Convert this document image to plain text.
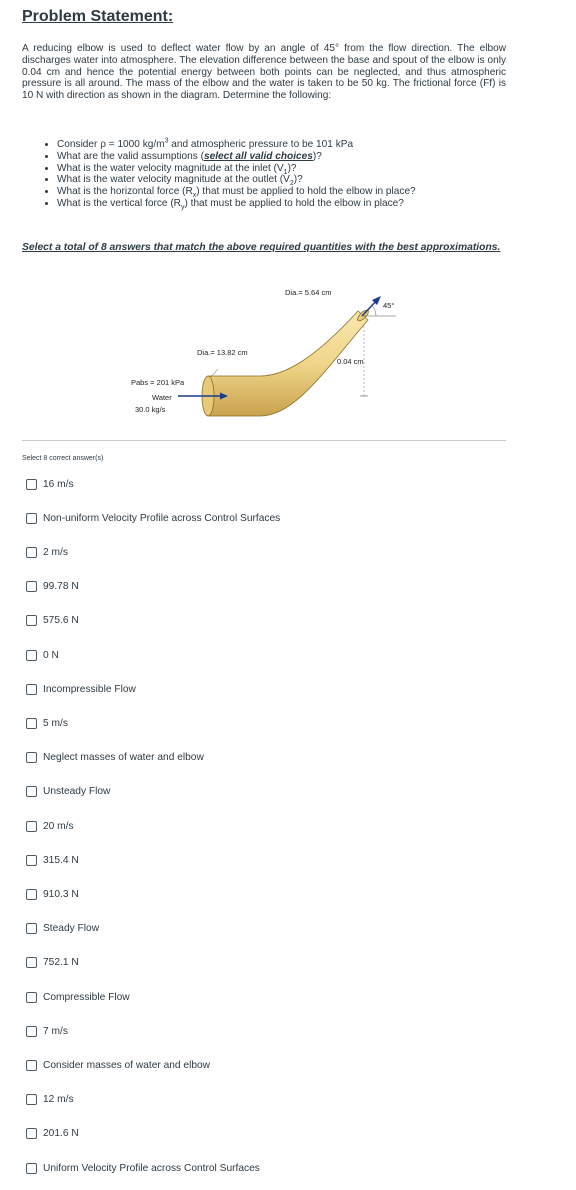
Problem Statement:

A reducing elbow is used to deflect water flow by an angle of 45° from the flow direction. The elbow discharges water into atmosphere. The elevation difference between the base and spout of the elbow is only 0.04 cm and hence the potential energy between both points can be neglected, and thus atmospheric pressure is all around. The mass of the elbow and the water is taken to be 50 kg. The frictional force (Ff) is 10 N with direction as shown in the diagram. Determine the following:

• Consider ρ = 1000 $kg/m^3$ and atmospheric pressure to be 101 kPa
• What are the valid assumptions (select all valid choices)?
• What is the water velocity magnitude at the inlet $(V_1)$?
• What is the water velocity magnitude at the outlet $(V_2)$?
• What is the horizontal force $(R_x)$ that must be applied to hold the elbow in place?
• What is the vertical force $(R_y)$ that must be applied to hold the elbow in place?

Select a total of 8 answers that match the above required quantities with the best approximations.

Dia.= 5.64 cm
45°
Dia.= 13.82 cm
0.04 cm
Pabs = 201 kPa
Water
30.0 kg/s
Select 8 correct answer(s)
16 m/s
Non-uniform Velocity Profile across Control Surfaces
2 m/s
99.78 N
575.6 N
0 N
Incompressible Flow
5 m/s
Neglect masses of water and elbow
Unsteady Flow
20 m/s
315.4 N
910.3 N
Steady Flow
752.1 N
Compressible Flow
7 m/s
Consider masses of water and elbow
12 m/s
201.6 N
Uniform Velocity Profile across Control Surfaces
